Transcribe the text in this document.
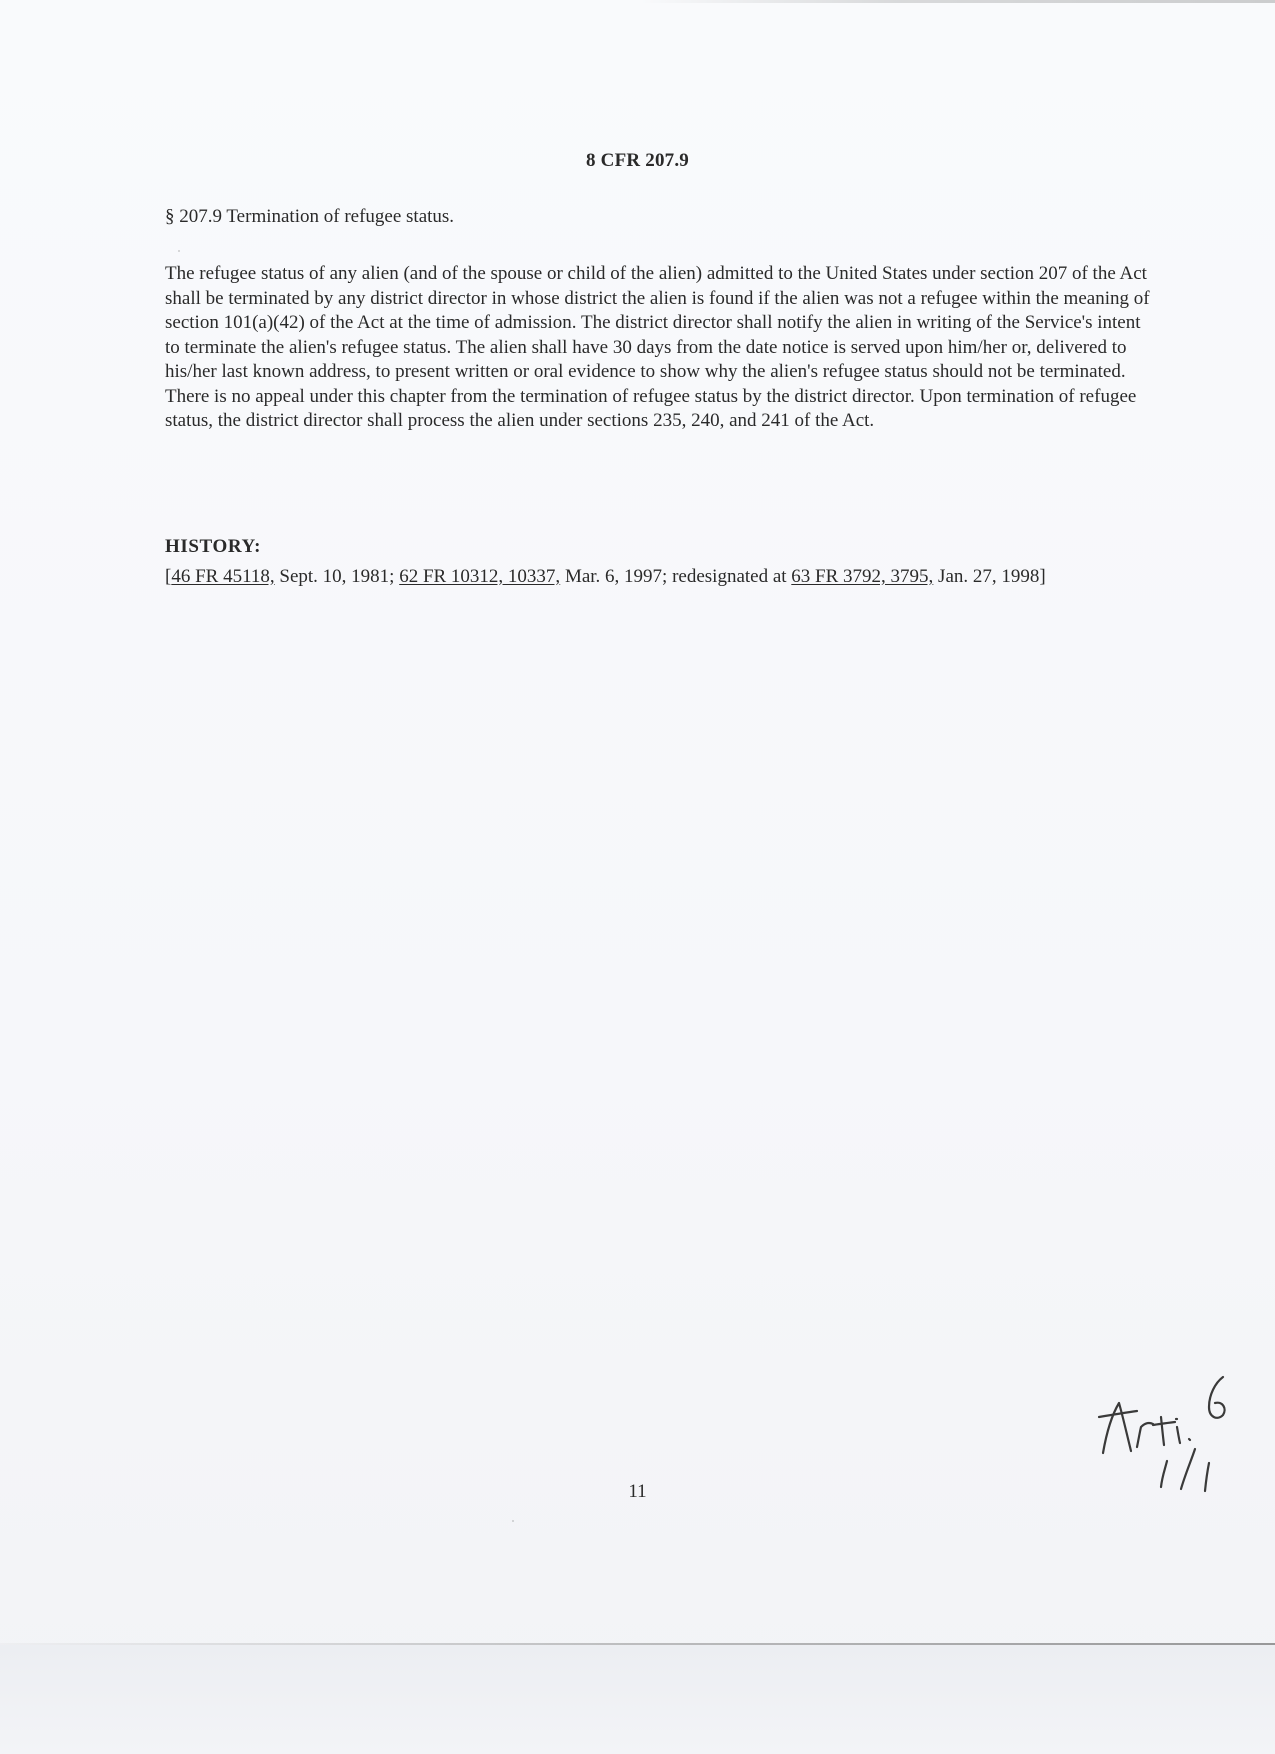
8 CFR 207.9
§ 207.9 Termination of refugee status.
The refugee status of any alien (and of the spouse or child of the alien) admitted to the United States under section 207 of the Act shall be terminated by any district director in whose district the alien is found if the alien was not a refugee within the meaning of section 101(a)(42) of the Act at the time of admission. The district director shall notify the alien in writing of the Service's intent to terminate the alien's refugee status. The alien shall have 30 days from the date notice is served upon him/her or, delivered to his/her last known address, to present written or oral evidence to show why the alien's refugee status should not be terminated. There is no appeal under this chapter from the termination of refugee status by the district director. Upon termination of refugee status, the district director shall process the alien under sections 235, 240, and 241 of the Act.
HISTORY:
[46 FR 45118, Sept. 10, 1981; 62 FR 10312, 10337, Mar. 6, 1997; redesignated at 63 FR 3792, 3795, Jan. 27, 1998]
11
